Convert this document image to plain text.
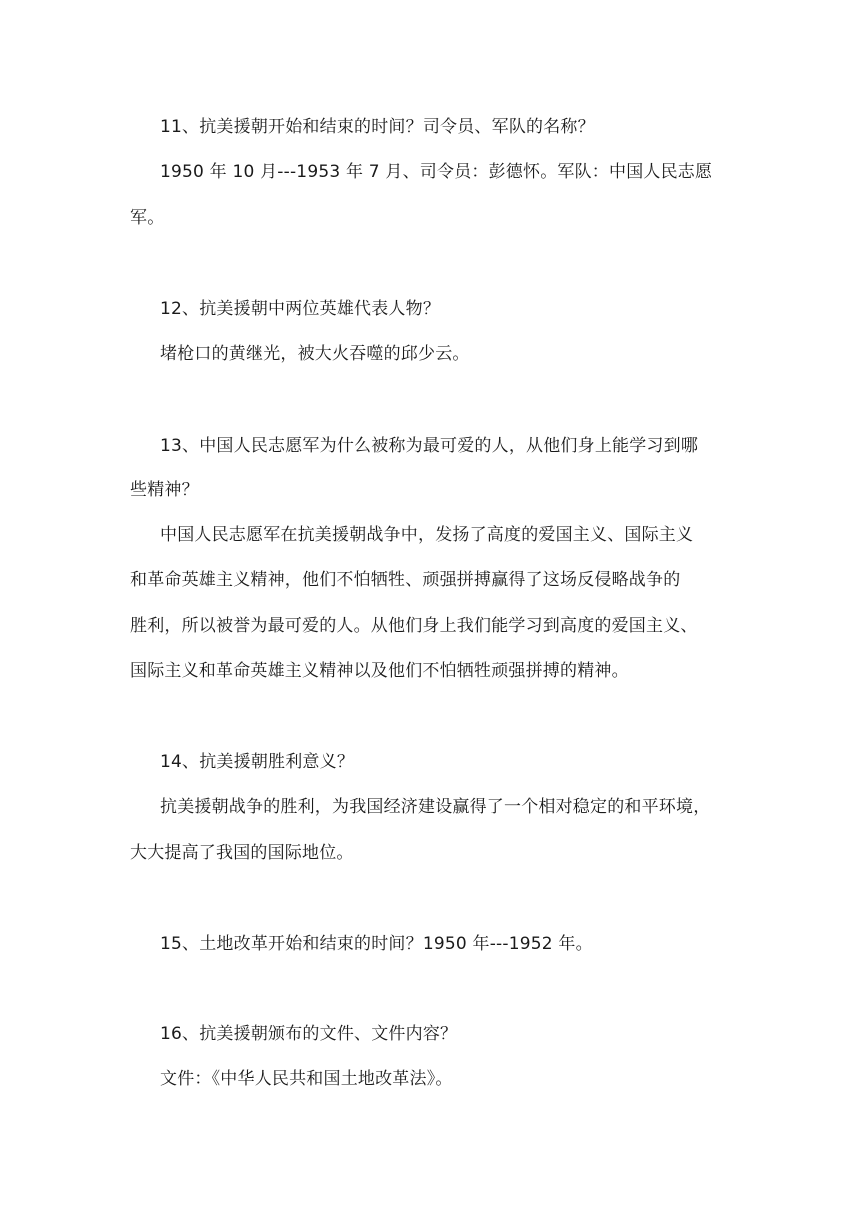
11、抗美援朝开始和结束的时间？司令员、军队的名称？
1950 年 10 月---1953 年 7 月、司令员：彭德怀。军队：中国人民志愿
军。
12、抗美援朝中两位英雄代表人物？
堵枪口的黄继光，被大火吞噬的邱少云。
13、中国人民志愿军为什么被称为最可爱的人，从他们身上能学习到哪
些精神？
中国人民志愿军在抗美援朝战争中，发扬了高度的爱国主义、国际主义
和革命英雄主义精神，他们不怕牺牲、顽强拼搏赢得了这场反侵略战争的
胜利，所以被誉为最可爱的人。从他们身上我们能学习到高度的爱国主义、
国际主义和革命英雄主义精神以及他们不怕牺牲顽强拼搏的精神。
14、抗美援朝胜利意义？
抗美援朝战争的胜利，为我国经济建设赢得了一个相对稳定的和平环境，
大大提高了我国的国际地位。
15、土地改革开始和结束的时间？1950 年---1952 年。
16、抗美援朝颁布的文件、文件内容？
文件：《中华人民共和国土地改革法》。
